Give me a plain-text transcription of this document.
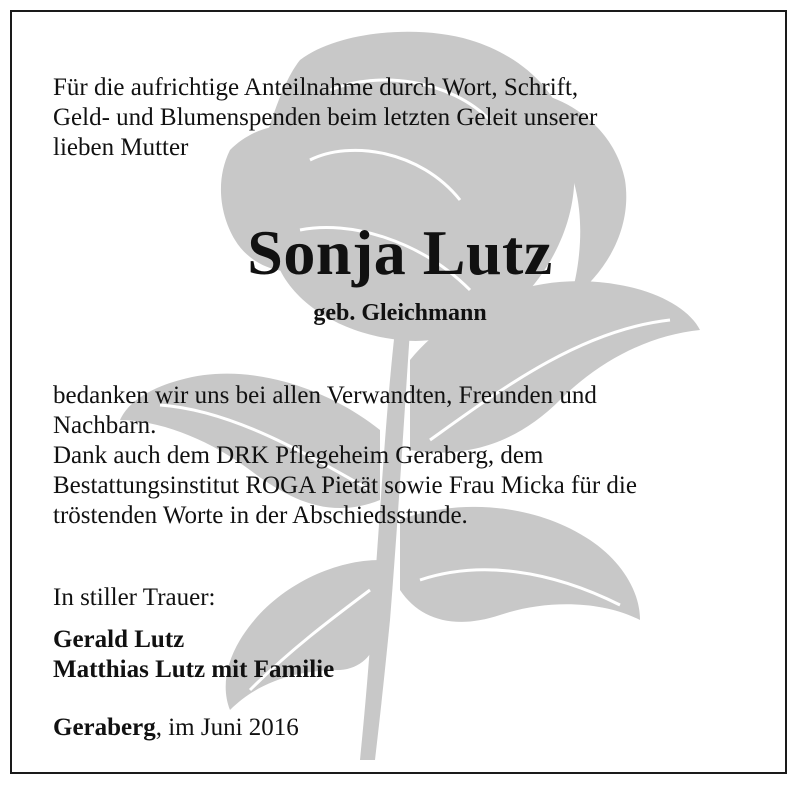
Für die aufrichtige Anteilnahme durch Wort, Schrift,
Geld- und Blumenspenden beim letzten Geleit unserer
lieben Mutter

Sonja Lutz
geb. Gleichmann

bedanken wir uns bei allen Verwandten, Freunden und
Nachbarn.
Dank auch dem DRK Pflegeheim Geraberg, dem
Bestattungsinstitut ROGA Pietät sowie Frau Micka für die
tröstenden Worte in der Abschiedsstunde.

In stiller Trauer:
Gerald Lutz
Matthias Lutz mit Familie
Geraberg, im Juni 2016
